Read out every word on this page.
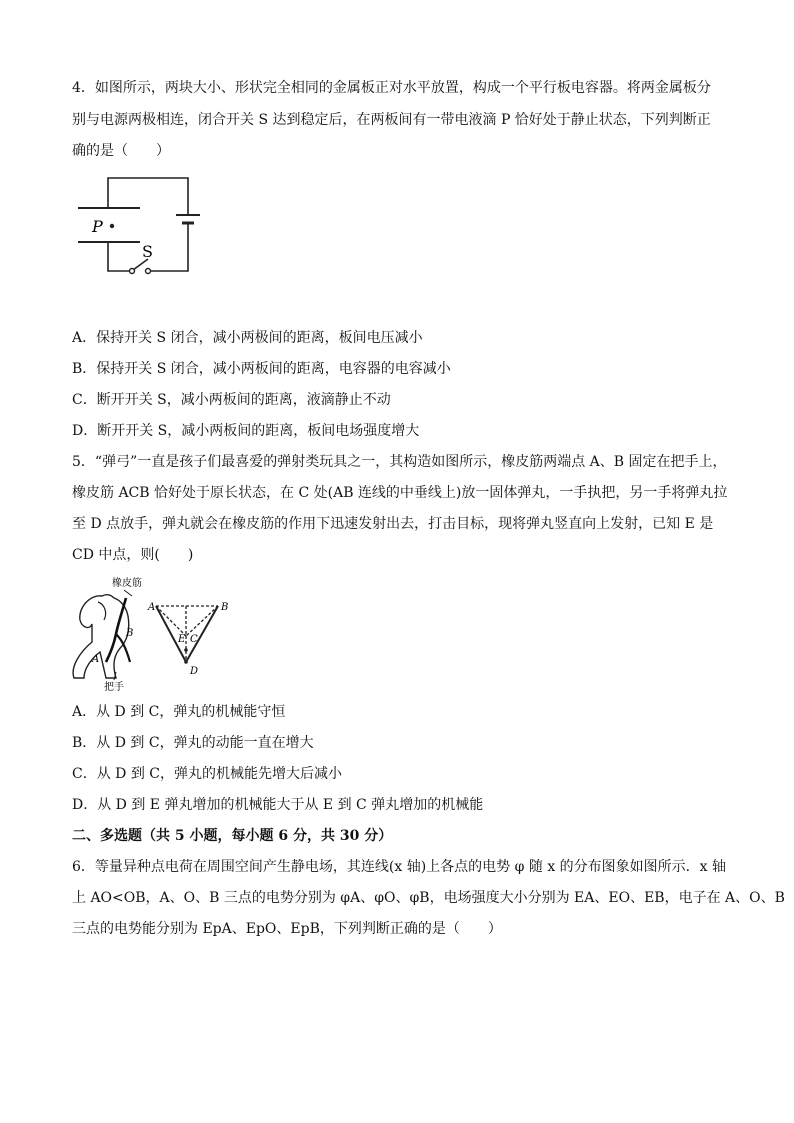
4．如图所示，两块大小、形状完全相同的金属板正对水平放置，构成一个平行板电容器。将两金属板分
别与电源两极相连，闭合开关 S 达到稳定后，在两板间有一带电液滴 P 恰好处于静止状态，下列判断正
确的是（　　）
P
S
A．保持开关 S 闭合，减小两极间的距离，板间电压减小
B．保持开关 S 闭合，减小两板间的距离，电容器的电容减小
C．断开开关 S，减小两板间的距离，液滴静止不动
D．断开开关 S，减小两板间的距离，板间电场强度增大
5．“弹弓”一直是孩子们最喜爱的弹射类玩具之一，其构造如图所示，橡皮筋两端点 A、B 固定在把手上，
橡皮筋 ACB 恰好处于原长状态，在 C 处(AB 连线的中垂线上)放一固体弹丸，一手执把，另一手将弹丸拉
至 D 点放手，弹丸就会在橡皮筋的作用下迅速发射出去，打击目标，现将弹丸竖直向上发射，已知 E 是
CD 中点，则(　　)
橡皮筋
B
A
把手
A	B
C
E
D
A．从 D 到 C，弹丸的机械能守恒
B．从 D 到 C，弹丸的动能一直在增大
C．从 D 到 C，弹丸的机械能先增大后减小
D．从 D 到 E 弹丸增加的机械能大于从 E 到 C 弹丸增加的机械能
二、多选题（共 5 小题，每小题 6 分，共 30 分）
6．等量异种点电荷在周围空间产生静电场，其连线(x 轴)上各点的电势 φ 随 x 的分布图象如图所示．x 轴
上 AO<OB，A、O、B 三点的电势分别为 φA、φO、φB，电场强度大小分别为 EA、EO、EB，电子在 A、O、B
三点的电势能分别为 EpA、EpO、EpB，下列判断正确的是（　　）
